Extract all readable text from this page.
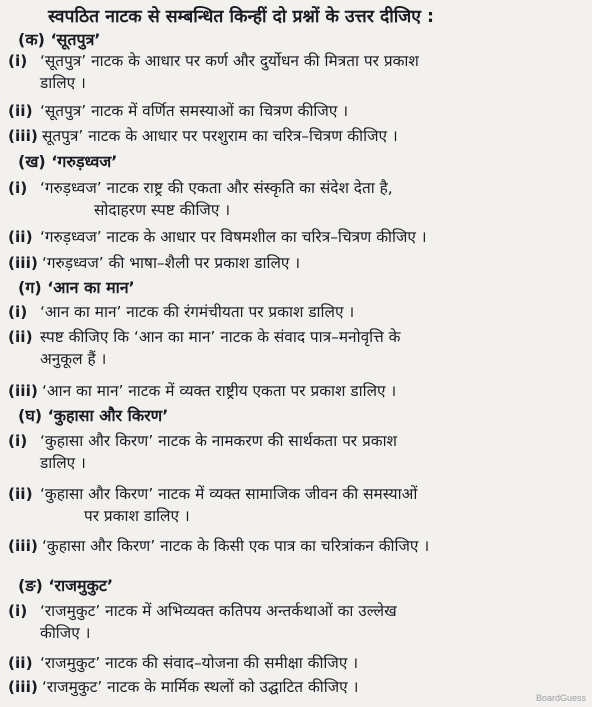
स्वपठित नाटक से सम्बन्धित किन्हीं दो प्रश्नों के उत्तर दीजिए :
(क) ‘सूतपुत्र’
(i) ‘सूतपुत्र’ नाटक के आधार पर कर्ण और दुर्योधन की मित्रता पर प्रकाश
डालिए ।
(ii) ‘सूतपुत्र’ नाटक में वर्णित समस्याओं का चित्रण कीजिए ।
(iii) सूतपुत्र’ नाटक के आधार पर परशुराम का चरित्र–चित्रण कीजिए ।
(ख) ‘गरुड़ध्वज’
(i) ‘गरुड़ध्वज’ नाटक राष्ट्र की एकता और संस्कृति का संदेश देता है,
सोदाहरण स्पष्ट कीजिए ।
(ii) ‘गरुड़ध्वज’ नाटक के आधार पर विषमशील का चरित्र–चित्रण कीजिए ।
(iii) ‘गरुड़ध्वज’ की भाषा–शैली पर प्रकाश डालिए ।
(ग) ‘आन का मान’
(i) ‘आन का मान’ नाटक की रंगमंचीयता पर प्रकाश डालिए ।
(ii) स्पष्ट कीजिए कि ‘आन का मान’ नाटक के संवाद पात्र–मनोवृत्ति के
अनुकूल हैं ।
(iii) ‘आन का मान’ नाटक में व्यक्त राष्ट्रीय एकता पर प्रकाश डालिए ।
(घ) ‘कुहासा और किरण’
(i) ‘कुहासा और किरण’ नाटक के नामकरण की सार्थकता पर प्रकाश
डालिए ।
(ii) ‘कुहासा और किरण’ नाटक में व्यक्त सामाजिक जीवन की समस्याओं
पर प्रकाश डालिए ।
(iii) ‘कुहासा और किरण’ नाटक के किसी एक पात्र का चरित्रांकन कीजिए ।
(ङ) ‘राजमुकुट’
(i) ‘राजमुकुट’ नाटक में अभिव्यक्त कतिपय अन्तर्कथाओं का उल्लेख
कीजिए ।
(ii) ‘राजमुकुट’ नाटक की संवाद–योजना की समीक्षा कीजिए ।
(iii) ‘राजमुकुट’ नाटक के मार्मिक स्थलों को उद्घाटित कीजिए ।
BoardGuess
